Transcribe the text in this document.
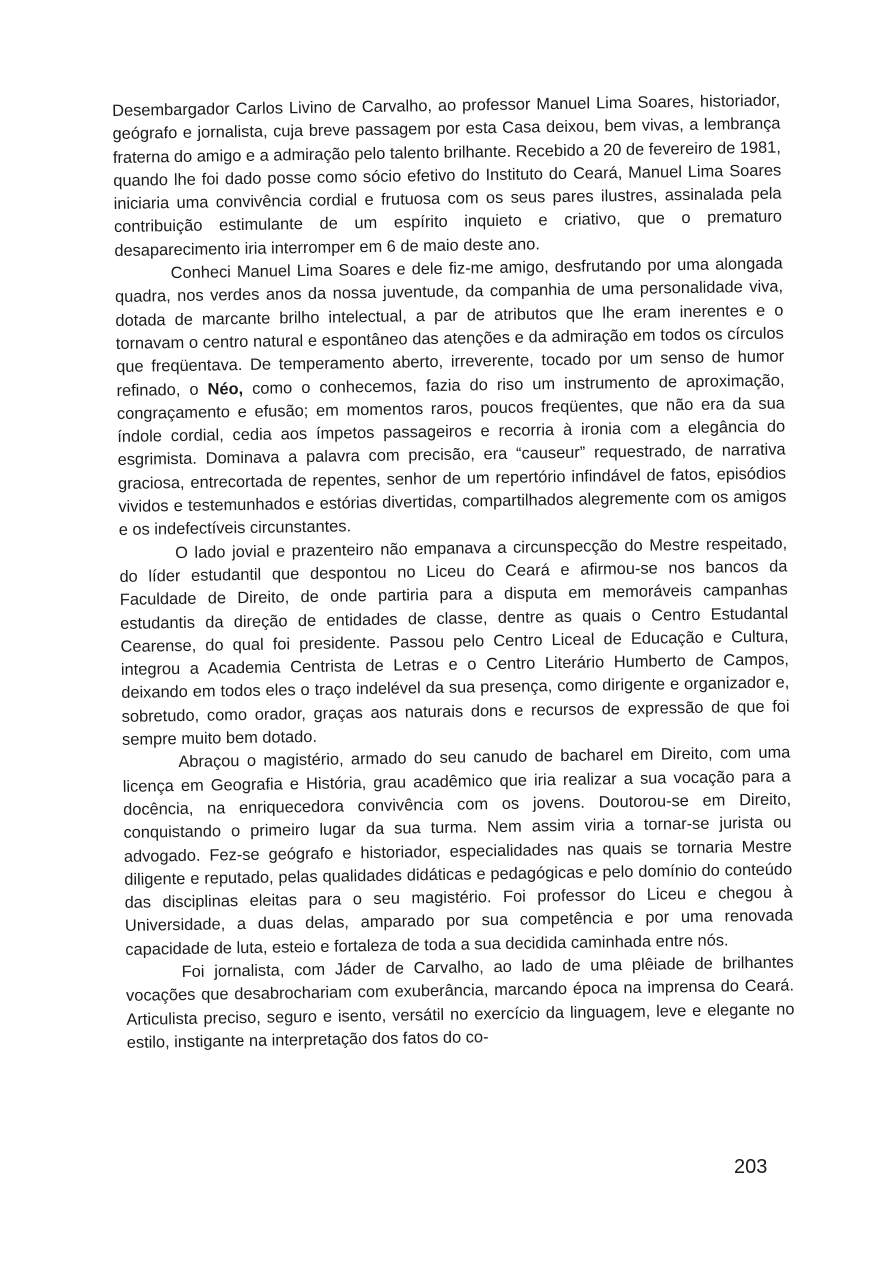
Desembargador Carlos Livino de Carvalho, ao professor Manuel Lima Soares, historiador, geógrafo e jornalista, cuja breve passagem por esta Casa deixou, bem vivas, a lembrança fraterna do amigo e a admiração pelo talento brilhante. Recebido a 20 de fevereiro de 1981, quando lhe foi dado posse como sócio efetivo do Instituto do Ceará, Manuel Lima Soares iniciaria uma convivência cordial e frutuosa com os seus pares ilustres, assinalada pela contribuição estimulante de um espírito inquieto e criativo, que o prematuro desaparecimento iria interromper em 6 de maio deste ano.

Conheci Manuel Lima Soares e dele fiz-me amigo, desfrutando por uma alongada quadra, nos verdes anos da nossa juventude, da companhia de uma personalidade viva, dotada de marcante brilho intelectual, a par de atributos que lhe eram inerentes e o tornavam o centro natural e espontâneo das atenções e da admiração em todos os círculos que freqüentava. De temperamento aberto, irreverente, tocado por um senso de humor refinado, o Néo, como o conhecemos, fazia do riso um instrumento de aproximação, congraçamento e efusão; em momentos raros, poucos freqüentes, que não era da sua índole cordial, cedia aos ímpetos passageiros e recorria à ironia com a elegância do esgrimista. Dominava a palavra com precisão, era “causeur” requestrado, de narrativa graciosa, entrecortada de repentes, senhor de um repertório infindável de fatos, episódios vividos e testemunhados e estórias divertidas, compartilhados alegremente com os amigos e os indefectíveis circunstantes.

O lado jovial e prazenteiro não empanava a circunspecção do Mestre respeitado, do líder estudantil que despontou no Liceu do Ceará e afirmou-se nos bancos da Faculdade de Direito, de onde partiria para a disputa em memoráveis campanhas estudantis da direção de entidades de classe, dentre as quais o Centro Estudantal Cearense, do qual foi presidente. Passou pelo Centro Liceal de Educação e Cultura, integrou a Academia Centrista de Letras e o Centro Literário Humberto de Campos, deixando em todos eles o traço indelével da sua presença, como dirigente e organizador e, sobretudo, como orador, graças aos naturais dons e recursos de expressão de que foi sempre muito bem dotado.

Abraçou o magistério, armado do seu canudo de bacharel em Direito, com uma licença em Geografia e História, grau acadêmico que iria realizar a sua vocação para a docência, na enriquecedora convivência com os jovens. Doutorou-se em Direito, conquistando o primeiro lugar da sua turma. Nem assim viria a tornar-se jurista ou advogado. Fez-se geógrafo e historiador, especialidades nas quais se tornaria Mestre diligente e reputado, pelas qualidades didáticas e pedagógicas e pelo domínio do conteúdo das disciplinas eleitas para o seu magistério. Foi professor do Liceu e chegou à Universidade, a duas delas, amparado por sua competência e por uma renovada capacidade de luta, esteio e fortaleza de toda a sua decidida caminhada entre nós.

Foi jornalista, com Jáder de Carvalho, ao lado de uma plêiade de brilhantes vocações que desabrochariam com exuberância, marcando época na imprensa do Ceará. Articulista preciso, seguro e isento, versátil no exercício da linguagem, leve e elegante no estilo, instigante na interpretação dos fatos do co-

203
